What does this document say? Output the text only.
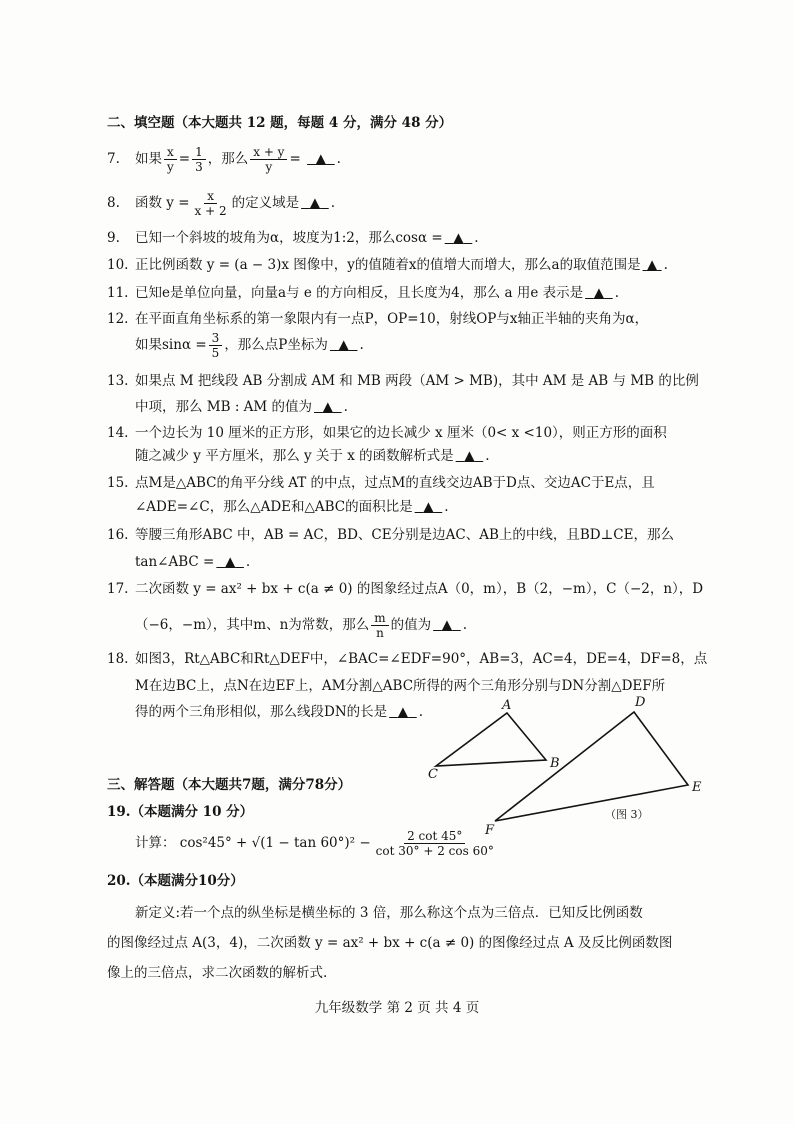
二、填空题（本大题共 12 题，每题 4 分，满分 48 分）
7. 如果 $\frac{x}{y} = \frac{1}{3}$ ，那么 $\frac{x + y}{y}$ =   ▲ .
8. 函数 $y = \frac{x}{x + 2}$ 的定义域是 ▲ .
9. 已知一个斜坡的坡角为α，坡度为1:2，那么cosα = ▲ .
10. 正比例函数 y = (a − 3)x 图像中，y的值随着x的值增大而增大，那么a的取值范围是 ▲ .
11. 已知e是单位向量，向量a与 e 的方向相反，且长度为4，那么 a 用e 表示是 ▲ .
12. 在平面直角坐标系的第一象限内有一点P，OP=10，射线OP与x轴正半轴的夹角为α，
如果$\sin\alpha = \frac{3}{5}$ ，那么点P坐标为 ▲ .
13. 如果点 M 把线段 AB 分割成 AM 和 MB 两段（AM > MB)，其中 AM 是 AB 与 MB 的比例
中项，那么 MB : AM 的值为 ▲ .
14. 一个边长为 10 厘米的正方形，如果它的边长减少 x 厘米（0< x <10），则正方形的面积
随之减少 y 平方厘米，那么 y 关于 x 的函数解析式是 ▲ .
15. 点M是△ABC的角平分线 AT 的中点，过点M的直线交边AB于D点、交边AC于E点，且
∠ADE=∠C，那么△ADE和△ABC的面积比是 ▲ .
16. 等腰三角形ABC 中，AB = AC，BD、CE分别是边AC、AB上的中线，且BD⊥CE，那么
tan∠ABC = ▲ .
17. 二次函数 y = ax² + bx + c(a ≠ 0) 的图象经过点A（0，m），B（2，−m），C（−2，n），D
（−6，−m），其中m、n为常数，那么 $\frac{m}{n}$ 的值为 ▲ .
18. 如图3，Rt△ABC和Rt△DEF中，∠BAC=∠EDF=90°，AB=3，AC=4，DE=4，DF=8，点
M在边BC上，点N在边EF上，AM分割△ABC所得的两个三角形分别与DN分割△DEF所
得的两个三角形相似，那么线段DN的长是 ▲ .	A
B
C
D
E
F
（图 3）
三、解答题（本大题共7题，满分78分）
19.（本题满分 10 分）
计算： $\cos^245^\circ + √(1 - \tan 60^\circ)^2 - \frac{2 \cot 45^\circ}{\cot 30^\circ + 2 \cos 60^\circ}$
20.（本题满分10分）
新定义:若一个点的纵坐标是横坐标的 3 倍，那么称这个点为三倍点．已知反比例函数
的图像经过点 A(3，4)，二次函数 y = ax² + bx + c(a ≠ 0) 的图像经过点 A 及反比例函数图
像上的三倍点，求二次函数的解析式.
九年级数学 第 2 页 共 4 页
